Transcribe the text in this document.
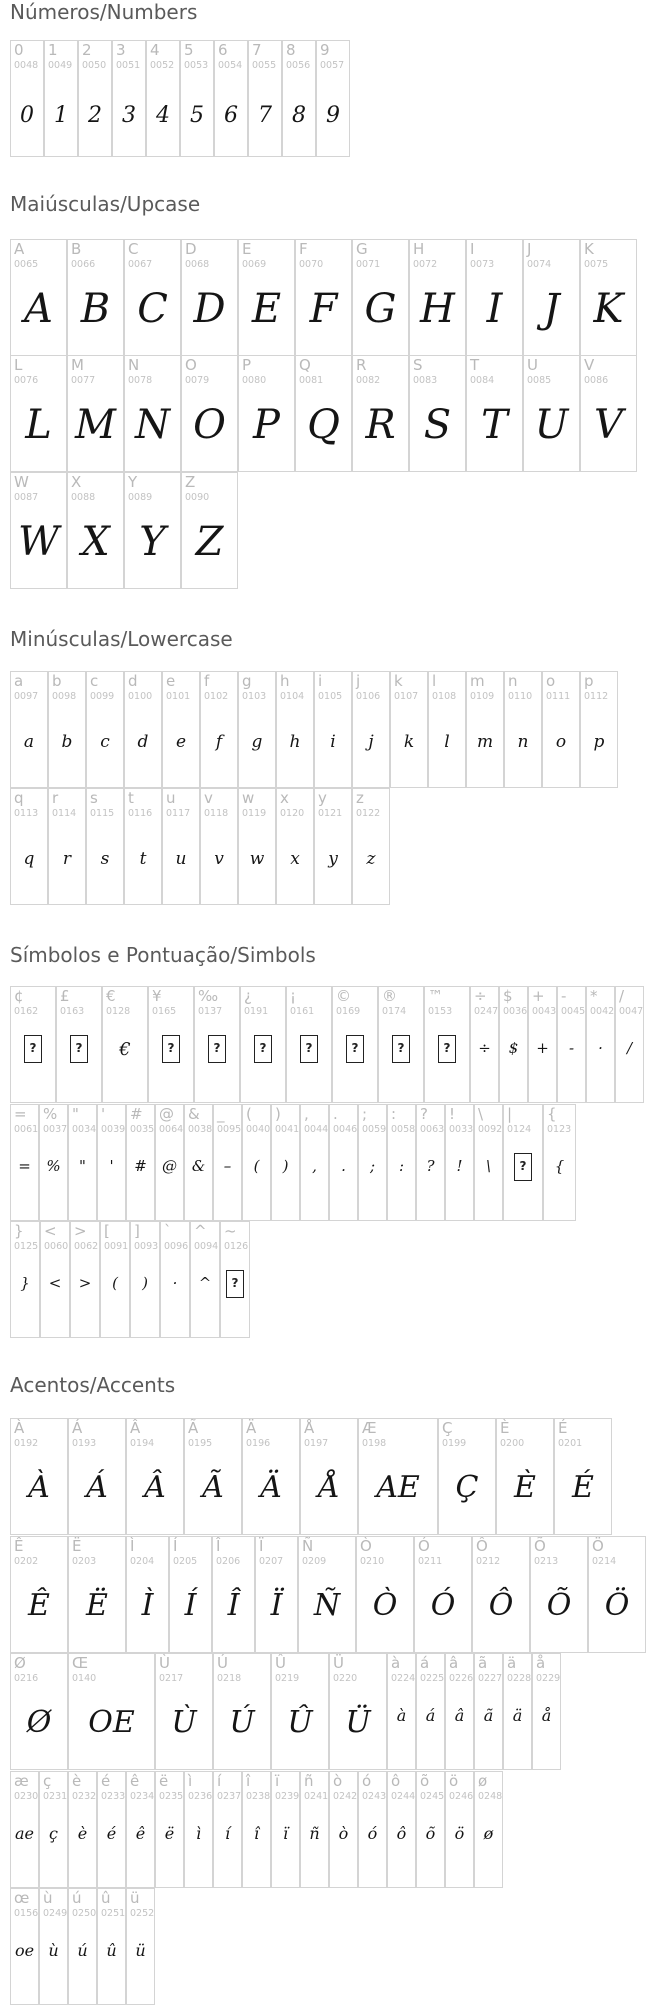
Números/Numbers
0
0048
0
1
0049
1
2
0050
2
3
0051
3
4
0052
4
5
0053
5
6
0054
6
7
0055
7
8
0056
8
9
0057
9
Maiúsculas/Upcase
A
0065
A
B
0066
B
C
0067
C
D
0068
D
E
0069
E
F
0070
F
G
0071
G
H
0072
H
I
0073
I
J
0074
J
K
0075
K
L
0076
L
M
0077
M
N
0078
N
O
0079
O
P
0080
P
Q
0081
Q
R
0082
R
S
0083
S
T
0084
T
U
0085
U
V
0086
V
W
0087
W
X
0088
X
Y
0089
Y
Z
0090
Z
Minúsculas/Lowercase
a
0097
a
b
0098
b
c
0099
c
d
0100
d
e
0101
e
f
0102
f
g
0103
g
h
0104
h
i
0105
i
j
0106
j
k
0107
k
l
0108
l
m
0109
m
n
0110
n
o
0111
o
p
0112
p
q
0113
q
r
0114
r
s
0115
s
t
0116
t
u
0117
u
v
0118
v
w
0119
w
x
0120
x
y
0121
y
z
0122
z
Símbolos e Pontuação/Simbols
¢
0162
?
£
0163
?
€
0128
€
¥
0165
?
‰
0137
?
¿
0191
?
¡
0161
?
©
0169
?
®
0174
?
™
0153
?
÷
0247
÷
$
0036
$
+
0043
+
-
0045
-
*
0042
·
/
0047
/
=
0061
=
%
0037
%
"
0034
"
'
0039
'
#
0035
#
@
0064
@
&
0038
&
_
0095
–
(
0040
(
)
0041
)
,
0044
,
.
0046
.
;
0059
;
:
0058
:
?
0063
?
!
0033
!
\
0092
\
|
0124
?
{
0123
{
}
0125
}
<
0060
<
>
0062
>
[
0091
(
]
0093
)
`
0096
·
^
0094
^
~
0126
?
Acentos/Accents
À
0192
À
Á
0193
Á
Â
0194
Â
Ã
0195
Ã
Ä
0196
Ä
Å
0197
Å
Æ
0198
AE
Ç
0199
Ç
È
0200
È
É
0201
É
Ê
0202
Ê
Ë
0203
Ë
Ì
0204
Ì
Í
0205
Í
Î
0206
Î
Ï
0207
Ï
Ñ
0209
Ñ
Ò
0210
Ò
Ó
0211
Ó
Ô
0212
Ô
Õ
0213
Õ
Ö
0214
Ö
Ø
0216
Ø
Œ
0140
OE
Ù
0217
Ù
Ú
0218
Ú
Û
0219
Û
Ü
0220
Ü
à
0224
à
á
0225
á
â
0226
â
ã
0227
ã
ä
0228
ä
å
0229
å
æ
0230
ae
ç
0231
ç
è
0232
è
é
0233
é
ê
0234
ê
ë
0235
ë
ì
0236
ì
í
0237
í
î
0238
î
ï
0239
ï
ñ
0241
ñ
ò
0242
ò
ó
0243
ó
ô
0244
ô
õ
0245
õ
ö
0246
ö
ø
0248
ø
œ
0156
oe
ù
0249
ù
ú
0250
ú
û
0251
û
ü
0252
ü
